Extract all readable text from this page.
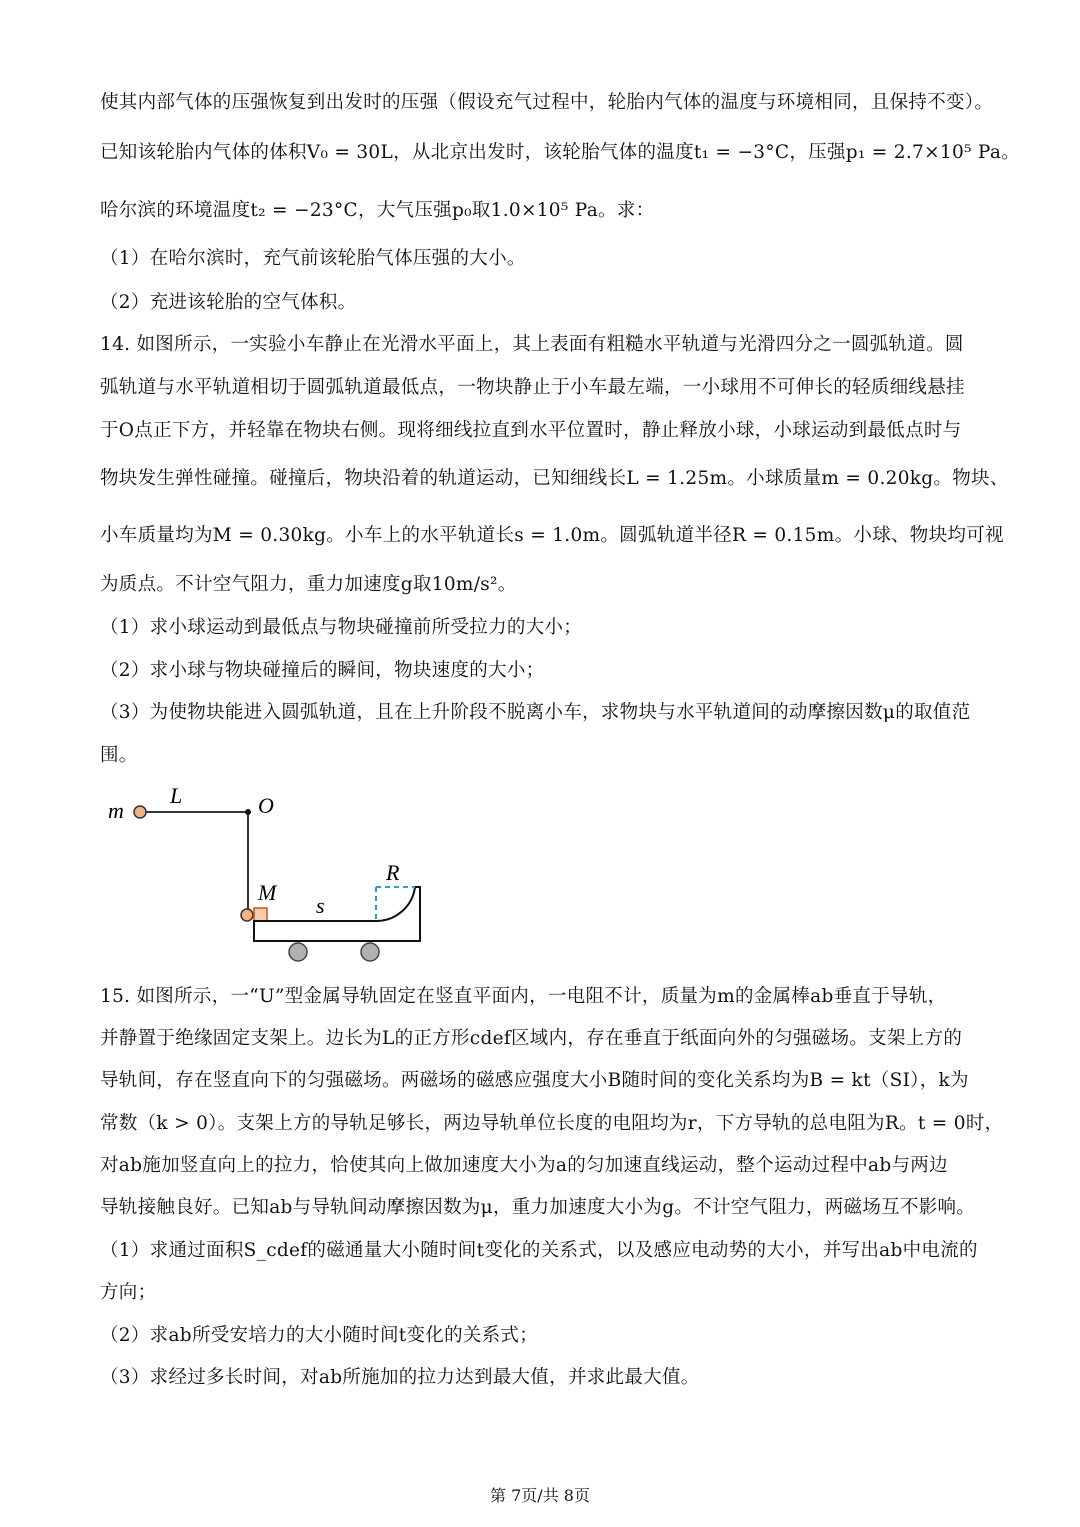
使其内部气体的压强恢复到出发时的压强（假设充气过程中，轮胎内气体的温度与环境相同，且保持不变）。
已知该轮胎内气体的体积V₀ = 30L，从北京出发时，该轮胎气体的温度t₁ = −3°C，压强p₁ = 2.7×10⁵ Pa。
哈尔滨的环境温度t₂ = −23°C，大气压强p₀取1.0×10⁵ Pa。求：
（1）在哈尔滨时，充气前该轮胎气体压强的大小。
（2）充进该轮胎的空气体积。
14. 如图所示，一实验小车静止在光滑水平面上，其上表面有粗糙水平轨道与光滑四分之一圆弧轨道。圆
弧轨道与水平轨道相切于圆弧轨道最低点，一物块静止于小车最左端，一小球用不可伸长的轻质细线悬挂
于O点正下方，并轻靠在物块右侧。现将细线拉直到水平位置时，静止释放小球，小球运动到最低点时与
物块发生弹性碰撞。碰撞后，物块沿着的轨道运动，已知细线长L = 1.25m。小球质量m = 0.20kg。物块、
小车质量均为M = 0.30kg。小车上的水平轨道长s = 1.0m。圆弧轨道半径R = 0.15m。小球、物块均可视
为质点。不计空气阻力，重力加速度g取10m/s²。
（1）求小球运动到最低点与物块碰撞前所受拉力的大小；
（2）求小球与物块碰撞后的瞬间，物块速度的大小；
（3）为使物块能进入圆弧轨道，且在上升阶段不脱离小车，求物块与水平轨道间的动摩擦因数μ的取值范
围。
15. 如图所示，一“U”型金属导轨固定在竖直平面内，一电阻不计，质量为m的金属棒ab垂直于导轨，
并静置于绝缘固定支架上。边长为L的正方形cdef区域内，存在垂直于纸面向外的匀强磁场。支架上方的
导轨间，存在竖直向下的匀强磁场。两磁场的磁感应强度大小B随时间的变化关系均为B = kt（SI），k为
常数（k > 0）。支架上方的导轨足够长，两边导轨单位长度的电阻均为r，下方导轨的总电阻为R。t = 0时，
对ab施加竖直向上的拉力，恰使其向上做加速度大小为a的匀加速直线运动，整个运动过程中ab与两边
导轨接触良好。已知ab与导轨间动摩擦因数为μ，重力加速度大小为g。不计空气阻力，两磁场互不影响。
（1）求通过面积S_cdef的磁通量大小随时间t变化的关系式，以及感应电动势的大小，并写出ab中电流的
方向；
（2）求ab所受安培力的大小随时间t变化的关系式；
（3）求经过多长时间，对ab所施加的拉力达到最大值，并求此最大值。
m
L	O
M
s
R
第 7页/共 8页
